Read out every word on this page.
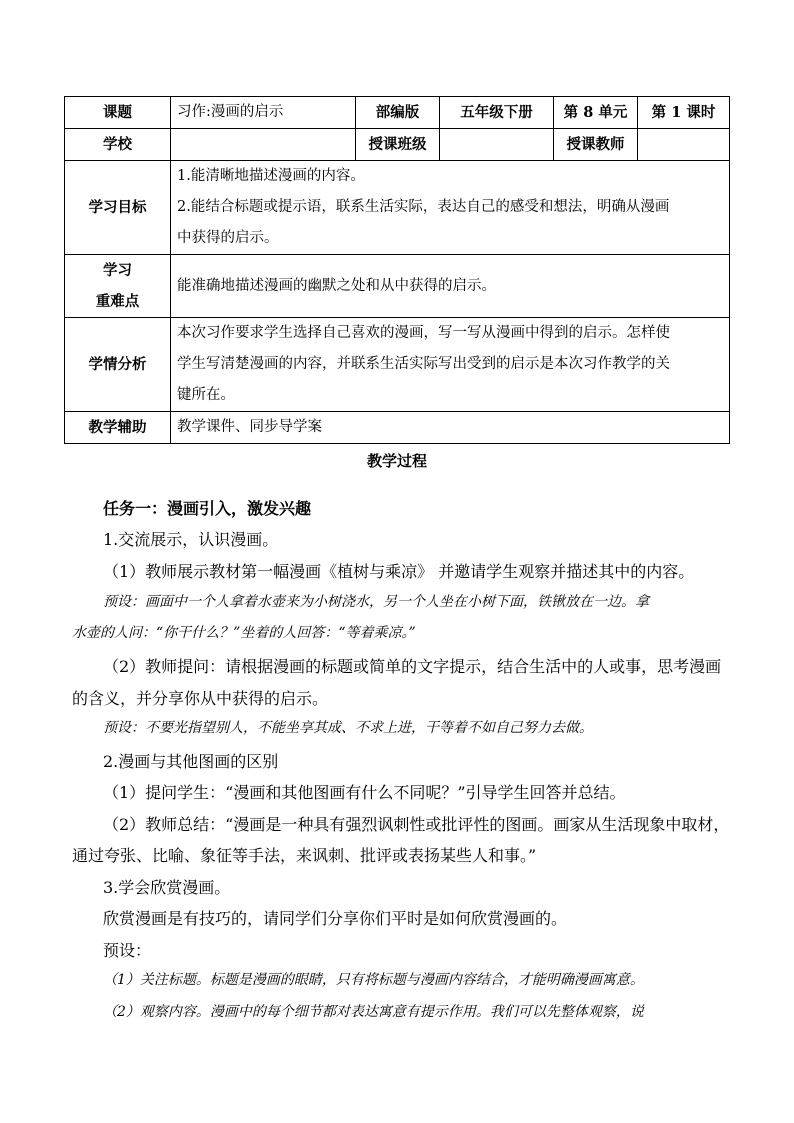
课题	习作:漫画的启示	部编版	五年级下册	第 8 单元	第 1 课时
学校		授课班级		授课教师	
学习目标	1.能清晰地描述漫画的内容。
2.能结合标题或提示语，联系生活实际，表达自己的感受和想法，明确从漫画
中获得的启示。				

学习
重难点	能准确地描述漫画的幽默之处和从中获得的启示。				
学情分析	本次习作要求学生选择自己喜欢的漫画，写一写从漫画中得到的启示。怎样使
学生写清楚漫画的内容，并联系生活实际写出受到的启示是本次习作教学的关
键所在。				

教学辅助	教学课件、同步导学案				
教学过程
任务一：漫画引入，激发兴趣
1.交流展示，认识漫画。
（1）教师展示教材第一幅漫画《植树与乘凉》 并邀请学生观察并描述其中的内容。
预设：画面中一个人拿着水壶来为小树浇水，另一个人坐在小树下面，铁锹放在一边。拿
水壶的人问：“你干什么？”坐着的人回答：“等着乘凉。”
（2）教师提问：请根据漫画的标题或简单的文字提示，结合生活中的人或事，思考漫画
的含义，并分享你从中获得的启示。
预设：不要光指望别人，不能坐享其成、不求上进，干等着不如自己努力去做。
2.漫画与其他图画的区别
（1）提问学生：“漫画和其他图画有什么不同呢？”引导学生回答并总结。
（2）教师总结：“漫画是一种具有强烈讽刺性或批评性的图画。画家从生活现象中取材，
通过夸张、比喻、象征等手法，来讽刺、批评或表扬某些人和事。”
3.学会欣赏漫画。
欣赏漫画是有技巧的，请同学们分享你们平时是如何欣赏漫画的。
预设：
（1）关注标题。标题是漫画的眼睛，只有将标题与漫画内容结合，才能明确漫画寓意。
（2）观察内容。漫画中的每个细节都对表达寓意有提示作用。我们可以先整体观察，说
